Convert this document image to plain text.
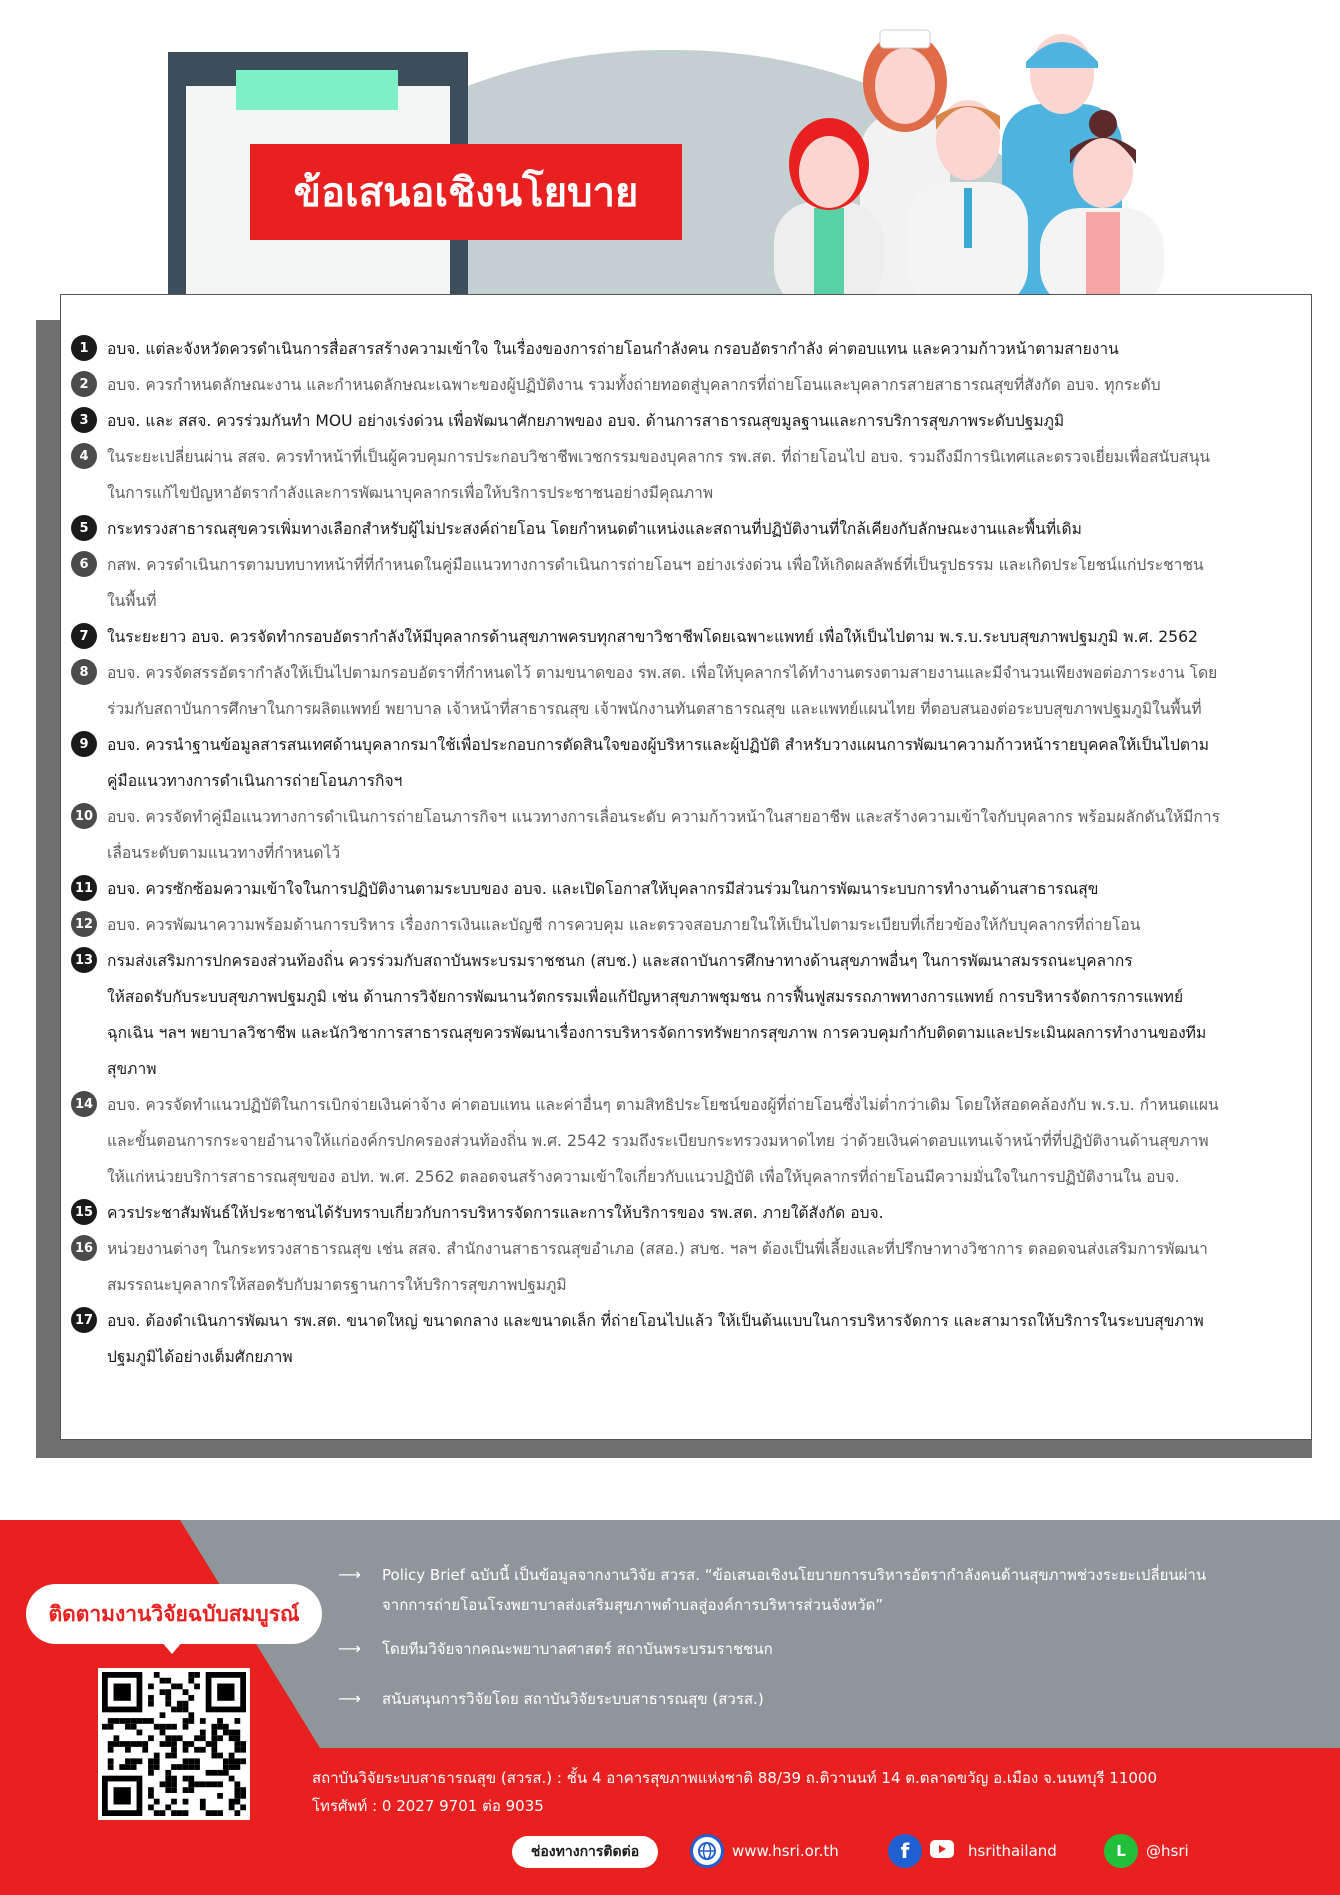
ข้อเสนอเชิงนโยบาย
1	อบจ. แต่ละจังหวัดควรดำเนินการสื่อสารสร้างความเข้าใจ ในเรื่องของการถ่ายโอนกำลังคน กรอบอัตรากำลัง ค่าตอบแทน และความก้าวหน้าตามสายงาน
2	อบจ. ควรกำหนดลักษณะงาน และกำหนดลักษณะเฉพาะของผู้ปฏิบัติงาน รวมทั้งถ่ายทอดสู่บุคลากรที่ถ่ายโอนและบุคลากรสายสาธารณสุขที่สังกัด อบจ. ทุกระดับ
3	อบจ. และ สสจ. ควรร่วมกันทำ MOU อย่างเร่งด่วน เพื่อพัฒนาศักยภาพของ อบจ. ด้านการสาธารณสุขมูลฐานและการบริการสุขภาพระดับปฐมภูมิ
4	ในระยะเปลี่ยนผ่าน สสจ. ควรทำหน้าที่เป็นผู้ควบคุมการประกอบวิชาชีพเวชกรรมของบุคลากร รพ.สต. ที่ถ่ายโอนไป อบจ. รวมถึงมีการนิเทศและตรวจเยี่ยมเพื่อสนับสนุน
ในการแก้ไขปัญหาอัตรากำลังและการพัฒนาบุคลากรเพื่อให้บริการประชาชนอย่างมีคุณภาพ
5	กระทรวงสาธารณสุขควรเพิ่มทางเลือกสำหรับผู้ไม่ประสงค์ถ่ายโอน โดยกำหนดตำแหน่งและสถานที่ปฏิบัติงานที่ใกล้เคียงกับลักษณะงานและพื้นที่เดิม
6	กสพ. ควรดำเนินการตามบทบาทหน้าที่ที่กำหนดในคู่มือแนวทางการดำเนินการถ่ายโอนฯ อย่างเร่งด่วน เพื่อให้เกิดผลลัพธ์ที่เป็นรูปธรรม และเกิดประโยชน์แก่ประชาชน
ในพื้นที่
7	ในระยะยาว อบจ. ควรจัดทำกรอบอัตรากำลังให้มีบุคลากรด้านสุขภาพครบทุกสาขาวิชาชีพโดยเฉพาะแพทย์ เพื่อให้เป็นไปตาม พ.ร.บ.ระบบสุขภาพปฐมภูมิ พ.ศ. 2562
8	อบจ. ควรจัดสรรอัตรากำลังให้เป็นไปตามกรอบอัตราที่กำหนดไว้ ตามขนาดของ รพ.สต. เพื่อให้บุคลากรได้ทำงานตรงตามสายงานและมีจำนวนเพียงพอต่อภาระงาน โดย
ร่วมกับสถาบันการศึกษาในการผลิตแพทย์ พยาบาล เจ้าหน้าที่สาธารณสุข เจ้าพนักงานทันตสาธารณสุข และแพทย์แผนไทย ที่ตอบสนองต่อระบบสุขภาพปฐมภูมิในพื้นที่
9	อบจ. ควรนำฐานข้อมูลสารสนเทศด้านบุคลากรมาใช้เพื่อประกอบการตัดสินใจของผู้บริหารและผู้ปฏิบัติ สำหรับวางแผนการพัฒนาความก้าวหน้ารายบุคคลให้เป็นไปตาม
คู่มือแนวทางการดำเนินการถ่ายโอนภารกิจฯ
10 อบจ. ควรจัดทำคู่มือแนวทางการดำเนินการถ่ายโอนภารกิจฯ แนวทางการเลื่อนระดับ ความก้าวหน้าในสายอาชีพ และสร้างความเข้าใจกับบุคลากร พร้อมผลักดันให้มีการ
เลื่อนระดับตามแนวทางที่กำหนดไว้
11 อบจ. ควรซักซ้อมความเข้าใจในการปฏิบัติงานตามระบบของ อบจ. และเปิดโอกาสให้บุคลากรมีส่วนร่วมในการพัฒนาระบบการทำงานด้านสาธารณสุข
12 อบจ. ควรพัฒนาความพร้อมด้านการบริหาร เรื่องการเงินและบัญชี การควบคุม และตรวจสอบภายในให้เป็นไปตามระเบียบที่เกี่ยวข้องให้กับบุคลากรที่ถ่ายโอน
13 กรมส่งเสริมการปกครองส่วนท้องถิ่น ควรร่วมกับสถาบันพระบรมราชชนก (สบช.) และสถาบันการศึกษาทางด้านสุขภาพอื่นๆ ในการพัฒนาสมรรถนะบุคลากร
ให้สอดรับกับระบบสุขภาพปฐมภูมิ เช่น ด้านการวิจัยการพัฒนานวัตกรรมเพื่อแก้ปัญหาสุขภาพชุมชน การฟื้นฟูสมรรถภาพทางการแพทย์ การบริหารจัดการการแพทย์
ฉุกเฉิน ฯลฯ พยาบาลวิชาชีพ และนักวิชาการสาธารณสุขควรพัฒนาเรื่องการบริหารจัดการทรัพยากรสุขภาพ การควบคุมกำกับติดตามและประเมินผลการทำงานของทีม
สุขภาพ
14 อบจ. ควรจัดทำแนวปฏิบัติในการเบิกจ่ายเงินค่าจ้าง ค่าตอบแทน และค่าอื่นๆ ตามสิทธิประโยชน์ของผู้ที่ถ่ายโอนซึ่งไม่ต่ำกว่าเดิม โดยให้สอดคล้องกับ พ.ร.บ. กำหนดแผน
และขั้นตอนการกระจายอำนาจให้แก่องค์กรปกครองส่วนท้องถิ่น พ.ศ. 2542 รวมถึงระเบียบกระทรวงมหาดไทย ว่าด้วยเงินค่าตอบแทนเจ้าหน้าที่ที่ปฏิบัติงานด้านสุขภาพ
ให้แก่หน่วยบริการสาธารณสุขของ อปท. พ.ศ. 2562 ตลอดจนสร้างความเข้าใจเกี่ยวกับแนวปฏิบัติ เพื่อให้บุคลากรที่ถ่ายโอนมีความมั่นใจในการปฏิบัติงานใน อบจ.
15 ควรประชาสัมพันธ์ให้ประชาชนได้รับทราบเกี่ยวกับการบริหารจัดการและการให้บริการของ รพ.สต. ภายใต้สังกัด อบจ.
16 หน่วยงานต่างๆ ในกระทรวงสาธารณสุข เช่น สสจ. สำนักงานสาธารณสุขอำเภอ (สสอ.) สบช. ฯลฯ ต้องเป็นพี่เลี้ยงและที่ปรึกษาทางวิชาการ ตลอดจนส่งเสริมการพัฒนา
สมรรถนะบุคลากรให้สอดรับกับมาตรฐานการให้บริการสุขภาพปฐมภูมิ
17 อบจ. ต้องดำเนินการพัฒนา รพ.สต. ขนาดใหญ่ ขนาดกลาง และขนาดเล็ก ที่ถ่ายโอนไปแล้ว ให้เป็นต้นแบบในการบริหารจัดการ และสามารถให้บริการในระบบสุขภาพ
ปฐมภูมิได้อย่างเต็มศักยภาพ
ติดตามงานวิจัยฉบับสมบูรณ์
⟶	Policy Brief ฉบับนี้ เป็นข้อมูลจากงานวิจัย สวรส. “ข้อเสนอเชิงนโยบายการบริหารอัตรากำลังคนด้านสุขภาพช่วงระยะเปลี่ยนผ่าน
จากการถ่ายโอนโรงพยาบาลส่งเสริมสุขภาพตำบลสู่องค์การบริหารส่วนจังหวัด”
⟶	โดยทีมวิจัยจากคณะพยาบาลศาสตร์ สถาบันพระบรมราชชนก
⟶	สนับสนุนการวิจัยโดย สถาบันวิจัยระบบสาธารณสุข (สวรส.)
สถาบันวิจัยระบบสาธารณสุข (สวรส.) : ชั้น 4 อาคารสุขภาพแห่งชาติ 88/39 ถ.ติวานนท์ 14 ต.ตลาดขวัญ อ.เมือง จ.นนทบุรี 11000
โทรศัพท์ : 0 2027 9701 ต่อ 9035
ช่องทางการติดต่อ	www.hsri.or.th	f	hsrithailand	L	@hsri
